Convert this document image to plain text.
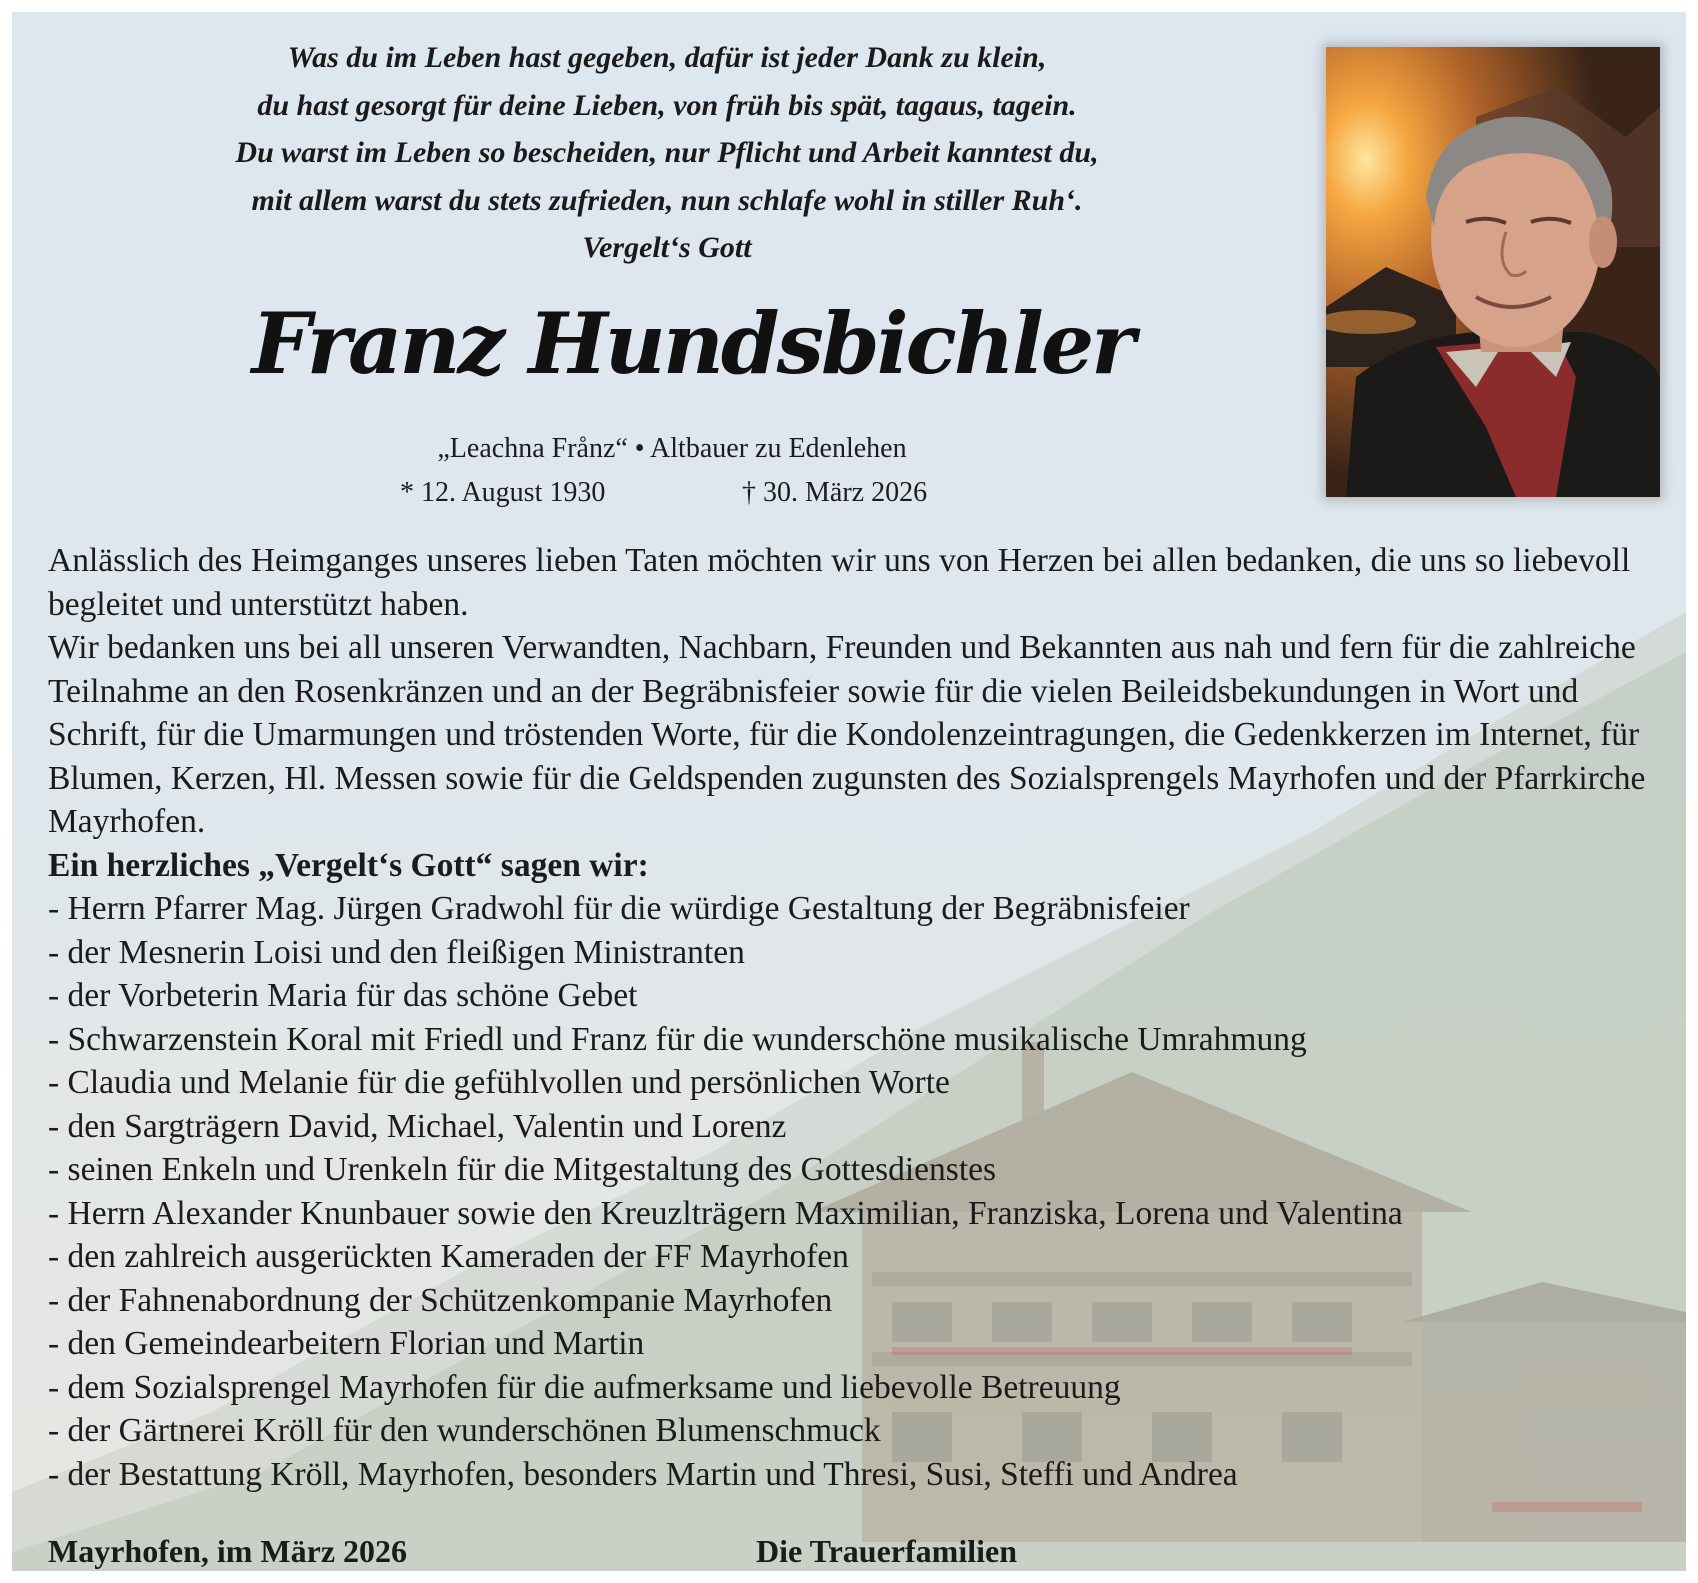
Was du im Leben hast gegeben, dafür ist jeder Dank zu klein,
du hast gesorgt für deine Lieben, von früh bis spät, tagaus, tagein.
Du warst im Leben so bescheiden, nur Pflicht und Arbeit kanntest du,
mit allem warst du stets zufrieden, nun schlafe wohl in stiller Ruh‘.
Vergelt‘s Gott
Franz Hundsbichler
„Leachna Frånz“ • Altbauer zu Edenlehen
* 12. August 1930	† 30. März 2026

Anlässlich des Heimganges unseres lieben Taten möchten wir uns von Herzen bei allen bedanken, die uns so liebevoll begleitet und unterstützt haben.

Wir bedanken uns bei all unseren Verwandten, Nachbarn, Freunden und Bekannten aus nah und fern für die zahlreiche Teilnahme an den Rosenkränzen und an der Begräbnisfeier sowie für die vielen Beileidsbekundungen in Wort und Schrift, für die Umarmungen und tröstenden Worte, für die Kondolenzeintragungen, die Gedenkkerzen im Internet, für Blumen, Kerzen, Hl. Messen sowie für die Geldspenden zugunsten des Sozialsprengels Mayrhofen und der Pfarrkirche Mayrhofen.

Ein herzliches „Vergelt‘s Gott“ sagen wir:

- Herrn Pfarrer Mag. Jürgen Gradwohl für die würdige Gestaltung der Begräbnisfeier
- der Mesnerin Loisi und den fleißigen Ministranten
- der Vorbeterin Maria für das schöne Gebet
- Schwarzenstein Koral mit Friedl und Franz für die wunderschöne musikalische Umrahmung
- Claudia und Melanie für die gefühlvollen und persönlichen Worte
- den Sargträgern David, Michael, Valentin und Lorenz
- seinen Enkeln und Urenkeln für die Mitgestaltung des Gottesdienstes
- Herrn Alexander Knunbauer sowie den Kreuzlträgern Maximilian, Franziska, Lorena und Valentina
- den zahlreich ausgerückten Kameraden der FF Mayrhofen
- der Fahnenabordnung der Schützenkompanie Mayrhofen
- den Gemeindearbeitern Florian und Martin
- dem Sozialsprengel Mayrhofen für die aufmerksame und liebevolle Betreuung
- der Gärtnerei Kröll für den wunderschönen Blumenschmuck
- der Bestattung Kröll, Mayrhofen, besonders Martin und Thresi, Susi, Steffi und Andrea
Mayrhofen, im März 2026	Die Trauerfamilien
